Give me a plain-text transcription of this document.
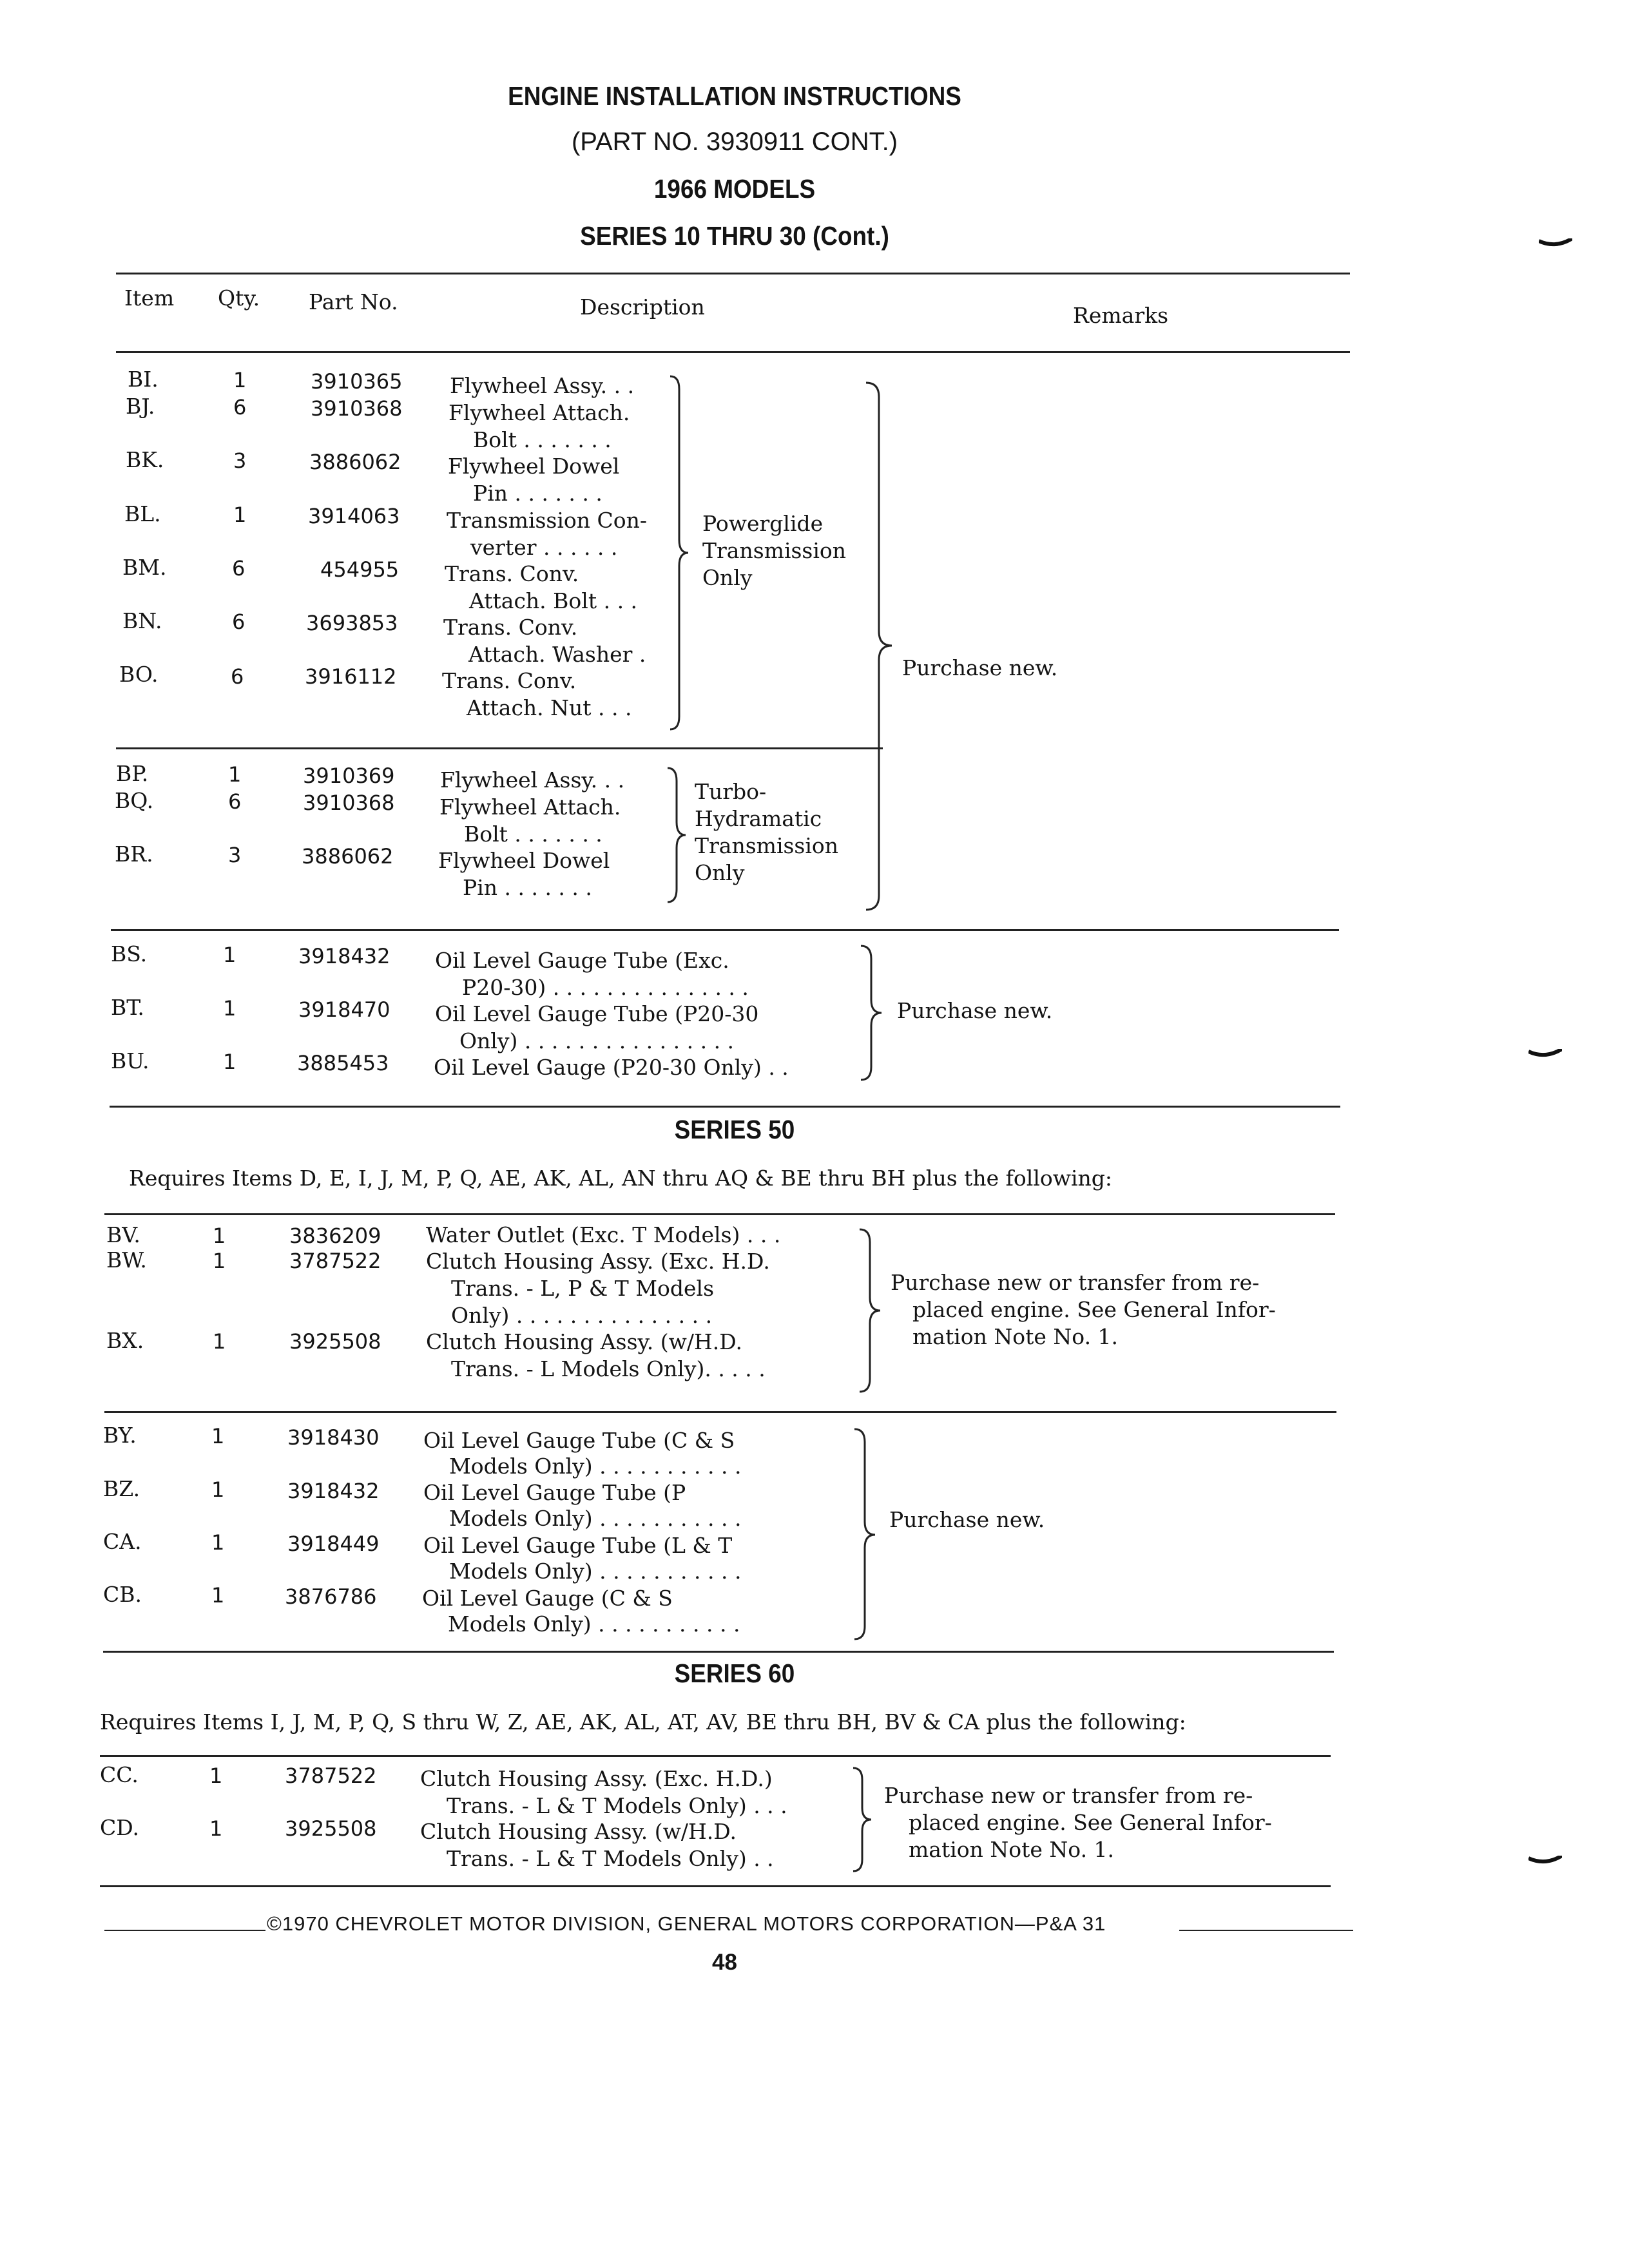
ENGINE INSTALLATION INSTRUCTIONS
(PART NO. 3930911 CONT.)
1966 MODELS
SERIES 10 THRU 30 (Cont.)
Item Qty. Part No.	Description	Remarks
BI.	1	3910365 Flywheel Assy. . .
BJ.	6	3910368 Flywheel Attach.
Bolt . . . . . . .
BK.	3	3886062 Flywheel Dowel
Pin . . . . . . .
BL.	1	3914063 Transmission Con-
verter . . . . . .
BM.	6	454955 Trans. Conv.
Attach. Bolt . . .
BN.	6	3693853 Trans. Conv.
Attach. Washer .
BO.	6	3916112 Trans. Conv.
Attach. Nut . . .
Powerglide
Transmission
Only
BP.	1	3910369 Flywheel Assy. . .
BQ.	6	3910368 Flywheel Attach.
Bolt . . . . . . .
BR.	3	3886062 Flywheel Dowel
Pin . . . . . . .
Turbo-
Hydramatic
Transmission
Only
Purchase new.
BS.	1	3918432 Oil Level Gauge Tube (Exc.
P20-30) . . . . . . . . . . . . . . .
BT.	1	3918470 Oil Level Gauge Tube (P20-30
Only) . . . . . . . . . . . . . . . .
BU.	1	3885453 Oil Level Gauge (P20-30 Only) . .
Purchase new.
SERIES 50
Requires Items D, E, I, J, M, P, Q, AE, AK, AL, AN thru AQ & BE thru BH plus the following:
BV.	1	3836209 Water Outlet (Exc. T Models) . . .
BW.	1	3787522 Clutch Housing Assy. (Exc. H.D.
Trans. - L, P & T Models
Only) . . . . . . . . . . . . . . .
BX.	1	3925508 Clutch Housing Assy. (w/H.D.
Trans. - L Models Only). . . . .
Purchase new or transfer from re-
placed engine. See General Infor-
mation Note No. 1.
BY.	1	3918430 Oil Level Gauge Tube (C & S
Models Only) . . . . . . . . . . .
BZ.	1	3918432 Oil Level Gauge Tube (P
Models Only) . . . . . . . . . . .
CA.	1	3918449 Oil Level Gauge Tube (L & T
Models Only) . . . . . . . . . . .
CB.	1	3876786 Oil Level Gauge (C & S
Models Only) . . . . . . . . . . .
Purchase new.
SERIES 60
Requires Items I, J, M, P, Q, S thru W, Z, AE, AK, AL, AT, AV, BE thru BH, BV & CA plus the following:
CC.	1	3787522 Clutch Housing Assy. (Exc. H.D.)
Trans. - L & T Models Only) . . .
CD.	1	3925508 Clutch Housing Assy. (w/H.D.
Trans. - L & T Models Only) . .
Purchase new or transfer from re-
placed engine. See General Infor-
mation Note No. 1.
©1970 CHEVROLET MOTOR DIVISION, GENERAL MOTORS CORPORATION—P&A 31
48
